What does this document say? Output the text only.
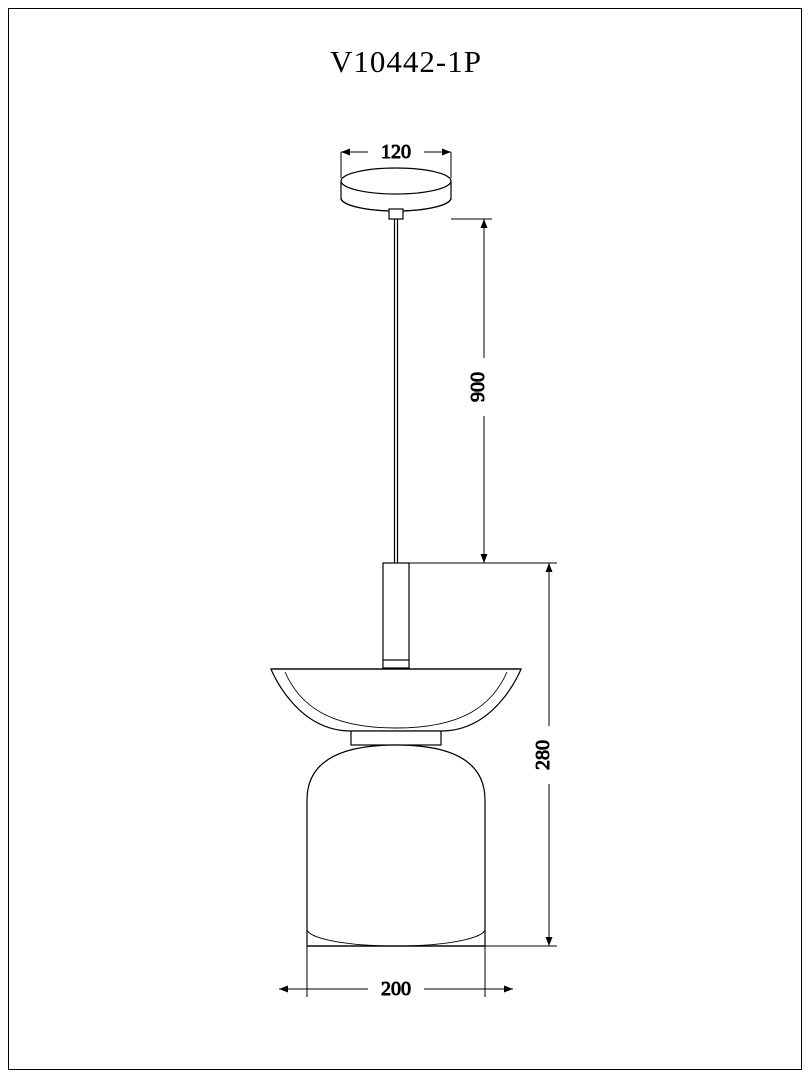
V10442-1P
120
900
280
200
